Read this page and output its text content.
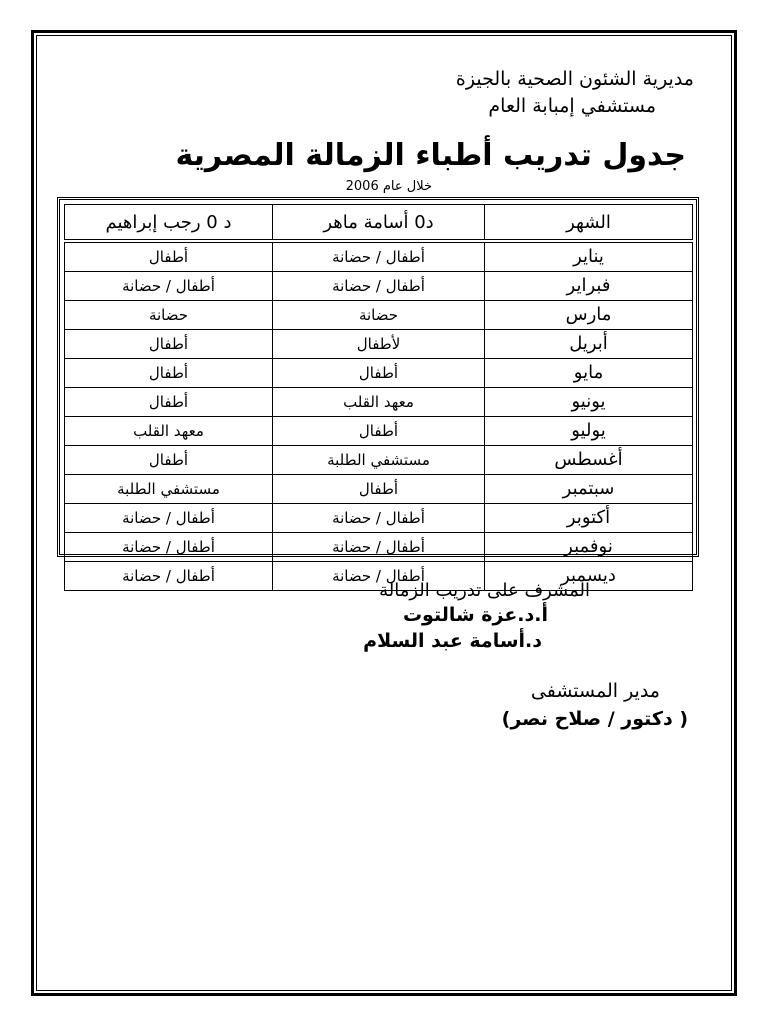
مديرية الشئون الصحية بالجيزة
مستشفي إمبابة العام
جدول تدريب أطباء الزمالة المصرية
خلال عام 2006
الشهر	د0 أسامة ماهر	د 0 رجب إبراهيم
يناير	أطفال / حضانة	أطفال
فبراير	أطفال / حضانة	أطفال / حضانة
مارس	حضانة	حضانة
أبريل	لأطفال	أطفال
مايو	أطفال	أطفال
يونيو	معهد القلب	أطفال
يوليو	أطفال	معهد القلب
أغسطس	مستشفي الطلبة	أطفال
سبتمبر	أطفال	مستشفي الطلبة
أكتوبر	أطفال / حضانة	أطفال / حضانة
نوفمبر	أطفال / حضانة	أطفال / حضانة
ديسمبر	أطفال / حضانة	أطفال / حضانة
المشرف على تدريب الزمالة
أ.د.عزة شالتوت
د.أسامة عبد السلام
مدير المستشفى
( دكتور / صلاح نصر)
